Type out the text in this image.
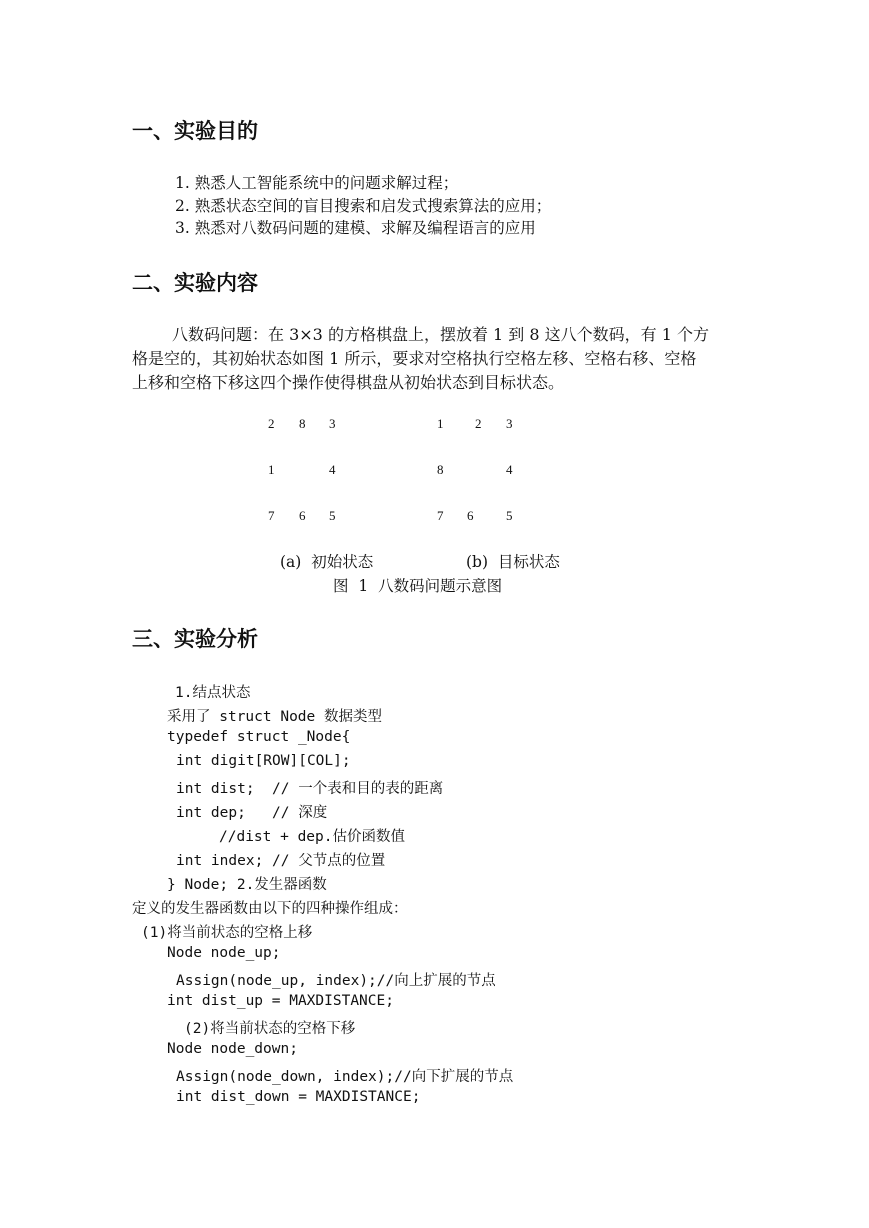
一、实验目的
1. 熟悉人工智能系统中的问题求解过程；
2. 熟悉状态空间的盲目搜索和启发式搜索算法的应用；
3. 熟悉对八数码问题的建模、求解及编程语言的应用
二、实验内容
八数码问题：在 3×3 的方格棋盘上，摆放着 1 到 8 这八个数码，有 1 个方
格是空的，其初始状态如图 1 所示，要求对空格执行空格左移、空格右移、空格
上移和空格下移这四个操作使得棋盘从初始状态到目标状态。
2 8 3
1	4
7 6 5
1 2 3
8	4
7 6	5
(a)  初始状态	(b)  目标状态
图  1  八数码问题示意图
三、实验分析
1.结点状态
采用了 struct Node 数据类型
typedef struct _Node{
int digit[ROW][COL];
int dist;  // 一个表和目的表的距离
int dep;   // 深度
//dist + dep.估价函数值
int index; // 父节点的位置
} Node; 2.发生器函数
定义的发生器函数由以下的四种操作组成：
(1)将当前状态的空格上移
Node node_up;
Assign(node_up, index);//向上扩展的节点
int dist_up = MAXDISTANCE;
(2)将当前状态的空格下移
Node node_down;
Assign(node_down, index);//向下扩展的节点
int dist_down = MAXDISTANCE;
